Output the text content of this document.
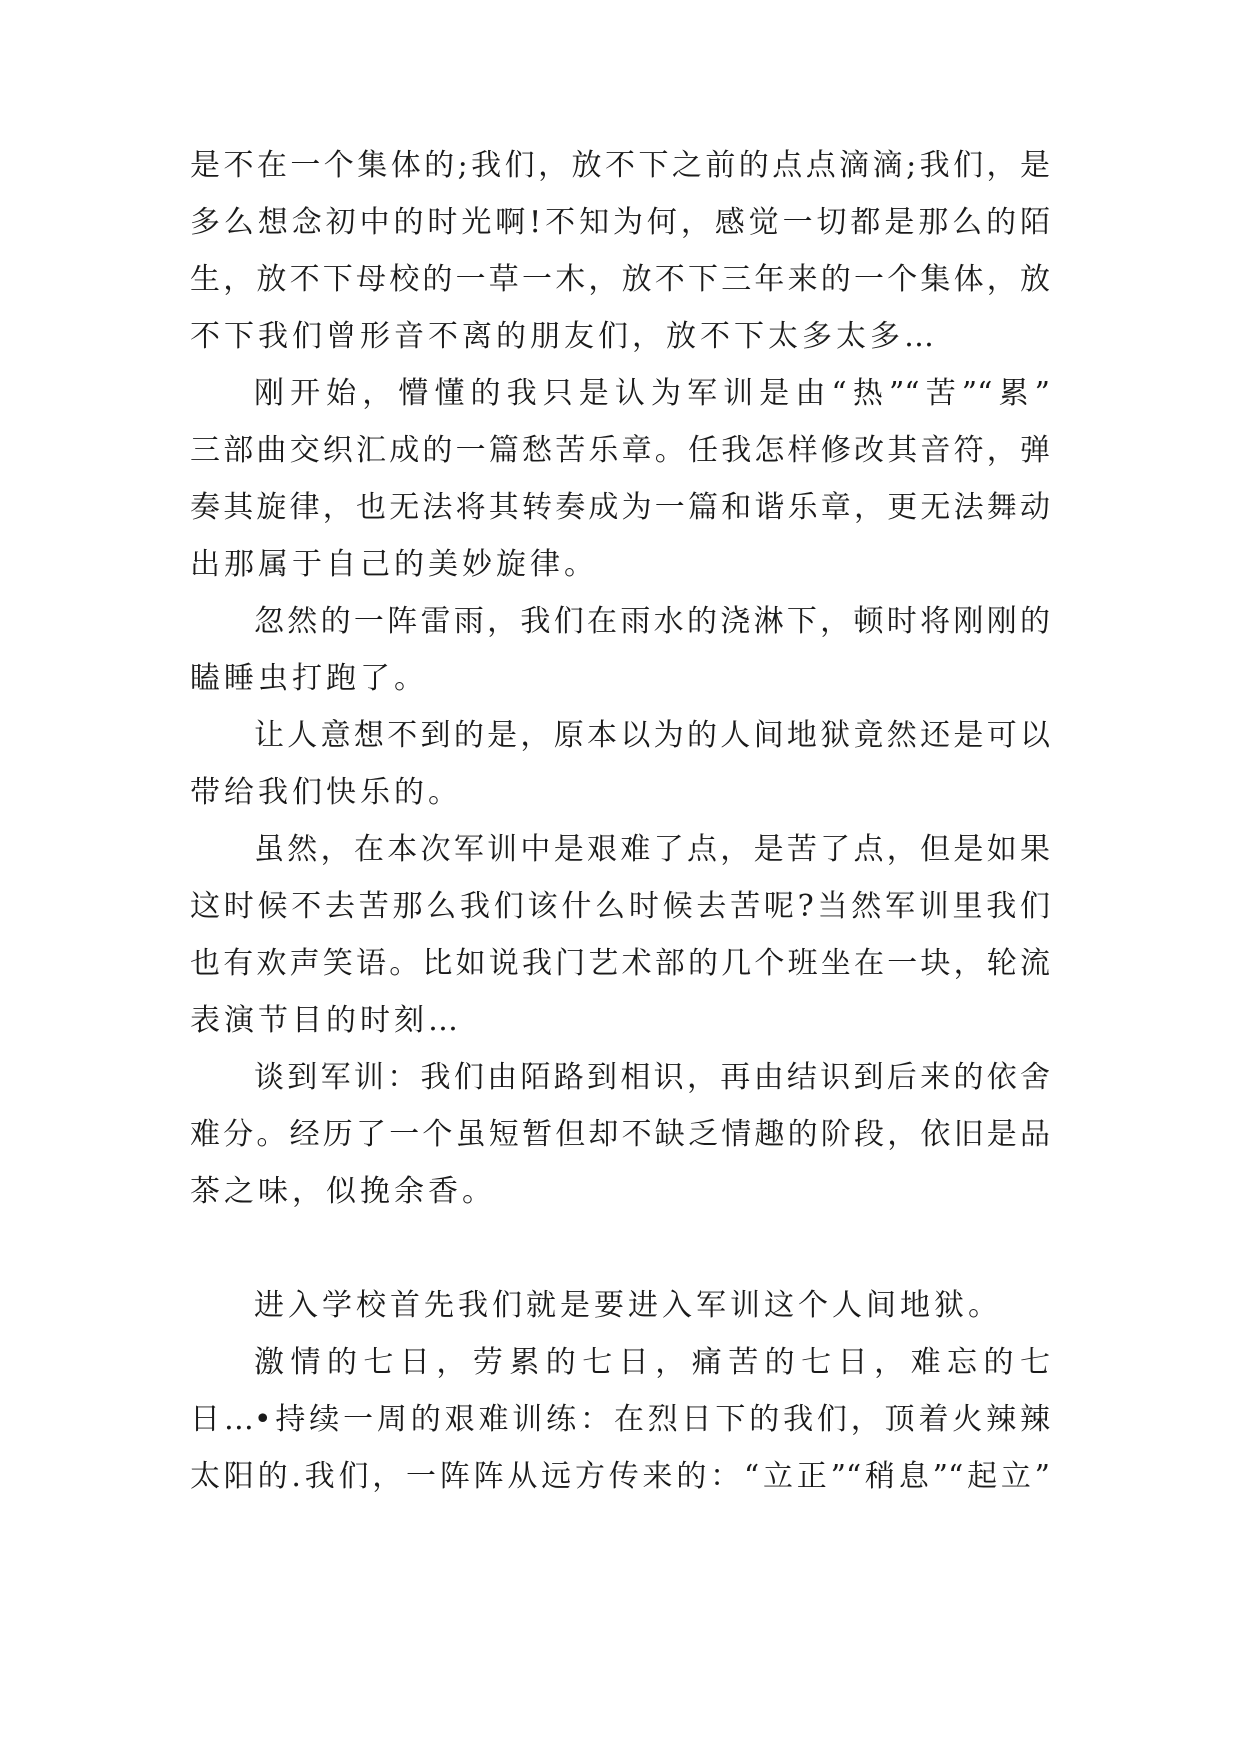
是不在一个集体的;我们，放不下之前的点点滴滴;我们，是
多么想念初中的时光啊!不知为何，感觉一切都是那么的陌
生，放不下母校的一草一木，放不下三年来的一个集体，放
不下我们曾形音不离的朋友们，放不下太多太多…
刚开始，懵懂的我只是认为军训是由“热”“苦”“累”
三部曲交织汇成的一篇愁苦乐章。任我怎样修改其音符，弹
奏其旋律，也无法将其转奏成为一篇和谐乐章，更无法舞动
出那属于自己的美妙旋律。
忽然的一阵雷雨，我们在雨水的浇淋下，顿时将刚刚的
瞌睡虫打跑了。
让人意想不到的是，原本以为的人间地狱竟然还是可以
带给我们快乐的。
虽然，在本次军训中是艰难了点，是苦了点，但是如果
这时候不去苦那么我们该什么时候去苦呢?当然军训里我们
也有欢声笑语。比如说我门艺术部的几个班坐在一块，轮流
表演节目的时刻…
谈到军训：我们由陌路到相识，再由结识到后来的依舍
难分。经历了一个虽短暂但却不缺乏情趣的阶段，依旧是品
茶之味，似挽余香。
进入学校首先我们就是要进入军训这个人间地狱。
激情的七日，劳累的七日，痛苦的七日，难忘的七
日…•持续一周的艰难训练：在烈日下的我们，顶着火辣辣
太阳的.我们，一阵阵从远方传来的：“立正”“稍息”“起立”
